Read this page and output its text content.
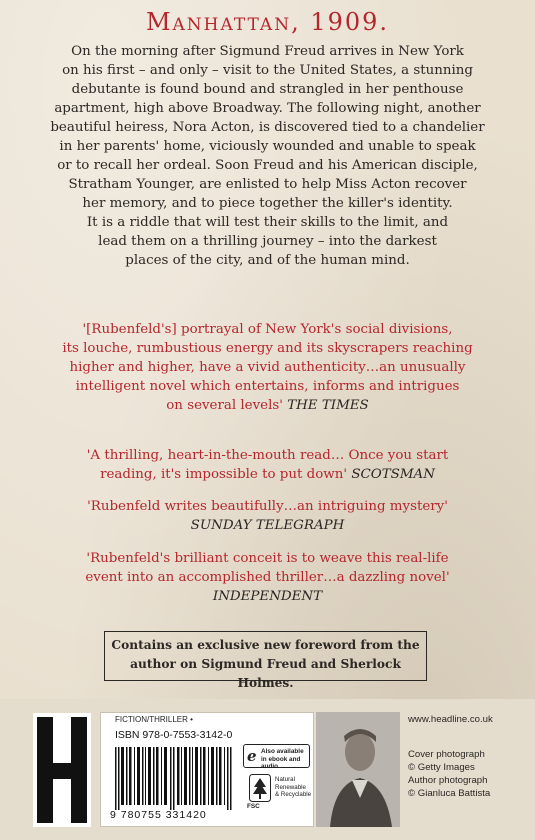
Manhattan, 1909.

On the morning after Sigmund Freud arrives in New York

on his first – and only – visit to the United States, a stunning

debutante is found bound and strangled in her penthouse

apartment, high above Broadway. The following night, another

beautiful heiress, Nora Acton, is discovered tied to a chandelier

in her parents' home, viciously wounded and unable to speak

or to recall her ordeal. Soon Freud and his American disciple,

Stratham Younger, are enlisted to help Miss Acton recover

her memory, and to piece together the killer's identity.

It is a riddle that will test their skills to the limit, and

lead them on a thrilling journey – into the darkest

places of the city, and of the human mind.

'[Rubenfeld's] portrayal of New York's social divisions,
its louche, rumbustious energy and its skyscrapers reaching
higher and higher, have a vivid authenticity…an unusually
intelligent novel which entertains, informs and intrigues
on several levels' THE TIMES
'A thrilling, heart-in-the-mouth read… Once you start
reading, it's impossible to put down' SCOTSMAN
'Rubenfeld writes beautifully…an intriguing mystery'
SUNDAY TELEGRAPH
'Rubenfeld's brilliant conceit is to weave this real-life
event into an accomplished thriller…a dazzling novel'
INDEPENDENT
Contains an exclusive new foreword from the
author on Sigmund Freud and Sherlock Holmes.
FICTION/THRILLER •
ISBN 978-0-7553-3142-0
9 780755 331420
e Also available
in ebook and audio
FSC
Natural
Renewable
& Recyclable
www.headline.co.uk
Cover photograph
© Getty Images
Author photograph
© Gianluca Battista
